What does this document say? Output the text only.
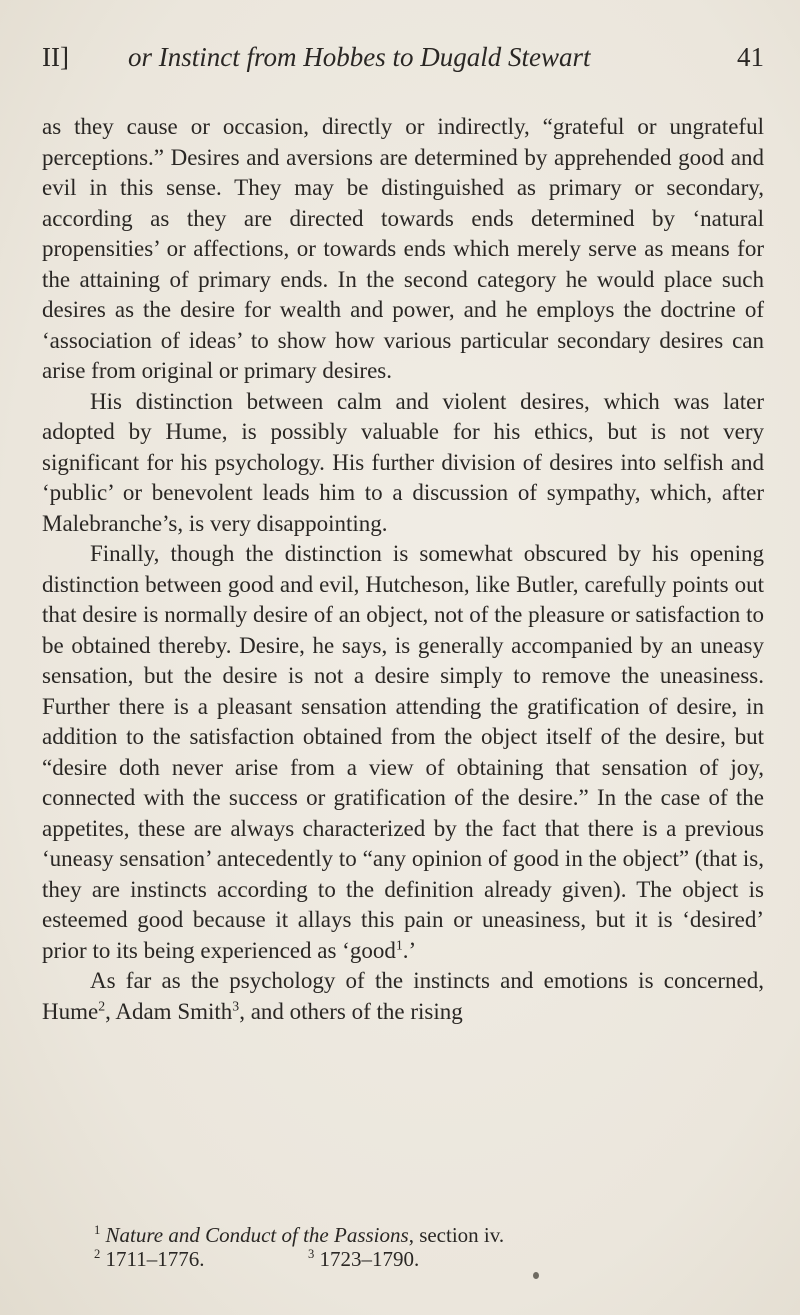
II] or Instinct from Hobbes to Dugald Stewart	41

as they cause or occasion, directly or indirectly, “grateful or ungrateful perceptions.” Desires and aversions are determined by apprehended good and evil in this sense. They may be distinguished as primary or secondary, according as they are directed towards ends determined by ‘natural propensities’ or affections, or towards ends which merely serve as means for the attaining of primary ends. In the second category he would place such desires as the desire for wealth and power, and he employs the doctrine of ‘association of ideas’ to show how various particular secondary desires can arise from original or primary desires.

His distinction between calm and violent desires, which was later adopted by Hume, is possibly valuable for his ethics, but is not very significant for his psychology. His further division of desires into selfish and ‘public’ or benevolent leads him to a discussion of sympathy, which, after Malebranche’s, is very disappointing.

Finally, though the distinction is somewhat obscured by his opening distinction between good and evil, Hutcheson, like Butler, carefully points out that desire is normally desire of an object, not of the pleasure or satisfaction to be obtained thereby. Desire, he says, is generally accompanied by an uneasy sensation, but the desire is not a desire simply to remove the uneasiness. Further there is a pleasant sensation attending the gratification of desire, in addition to the satisfaction obtained from the object itself of the desire, but “desire doth never arise from a view of obtaining that sensation of joy, connected with the success or gratification of the desire.” In the case of the appetites, these are always characterized by the fact that there is a previous ‘uneasy sensation’ antecedently to “any opinion of good in the object” (that is, they are instincts according to the definition already given). The object is esteemed good because it allays this pain or uneasiness, but it is ‘desired’ prior to its being experienced as ‘good$^1$.’

As far as the psychology of the instincts and emotions is concerned, Hume$^2$, Adam Smith$^3$, and others of the rising

$^1$ Nature and Conduct of the Passions, section iv.
$^2$ 1711–1776.	$^3$ 1723–1790.
